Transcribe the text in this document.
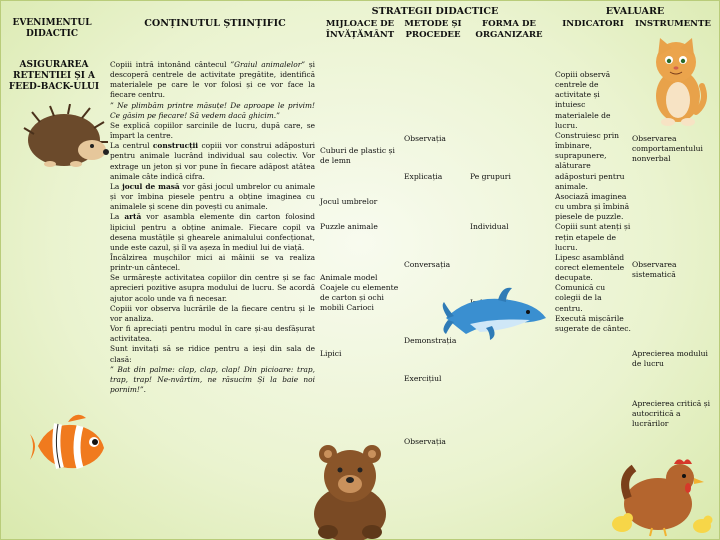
EVENIMENTUL DIDACTIC
CONȚINUTUL ȘTIINȚIFIC
STRATEGII DIDACTICE
MIJLOACE DE ÎNVĂȚĂMÂNT
METODE ȘI PROCEDEE
FORMA DE ORGANIZARE
EVALUARE
INDICATORI	INSTRUMENTE
ASIGURAREA RETENTIEI ȘI A FEED-BACK-ULUI

Copiii intră intonând cântecul ”Graiul animalelor” și descoperă centrele de activitate pregătite, identifică materialele pe care le vor folosi și ce vor face la fiecare centru.

” Ne plimbăm printre măsuțe! De aproape le privim! Ce găsim pe fiecare! Să vedem dacă ghicim.”

Se explică copiilor sarcinile de lucru, după care, se împart la centre.

La centrul construcții copiii vor construi adăposturi pentru animale lucrând individual sau colectiv. Vor extrage un jeton și vor pune în fiecare adăpost atâtea animale câte indică cifra.

La jocul de masă vor găsi jocul umbrelor cu animale și vor îmbina piesele pentru a obține imaginea cu animalele și scene din povești cu animale.

La artă vor asambla elemente din carton folosind lipiciul pentru a obține animale. Fiecare copil va desena mustățile și ghearele animalului confecționat, unde este cazul, și îl va așeza în mediul lui de viață.

Încălzirea mușchilor mici ai mâinii se va realiza printr-un cântecel.

Se urmărește activitatea copiilor din centre și se fac aprecieri pozitive asupra modului de lucru. Se acordă ajutor acolo unde va fi necesar.

Copiii vor observa lucrările de la fiecare centru și le vor analiza.

Vor fi apreciați pentru modul în care și-au desfășurat activitatea.

Sunt invitați să se ridice pentru a ieși din sala de clasă:

” Bat din palme: clap, clap, clap! Din picioare: trap, trap, trap! Ne-nvârtim, ne răsucim Și la baie noi pornim!”.

Cuburi de plastic și de lemn
Jocul umbrelor
Puzzle animale
Animale model Coajele cu elemente de carton și ochi mobili Carioci
Lipici
Observația
Explicația
Conversația
Demonstrația
Exercițiul
Observația
Pe grupuri
Individual

Copiii observă centrele de activitate și intuiesc materialele de lucru.

Construiesc prin îmbinare, suprapunere, alăturare adăposturi pentru animale.

Asociază imaginea cu umbra și îmbină piesele de puzzle.

Copiii sunt atenți și rețin etapele de lucru.

Lipesc asamblând corect elementele decupate.

Comunică cu colegii de la centru.

Execută mișcările sugerate de cântec.

Observarea comportamentului nonverbal
Observarea sistematică
Aprecierea modului de lucru
Aprecierea critică și autocritică a lucrărilor
